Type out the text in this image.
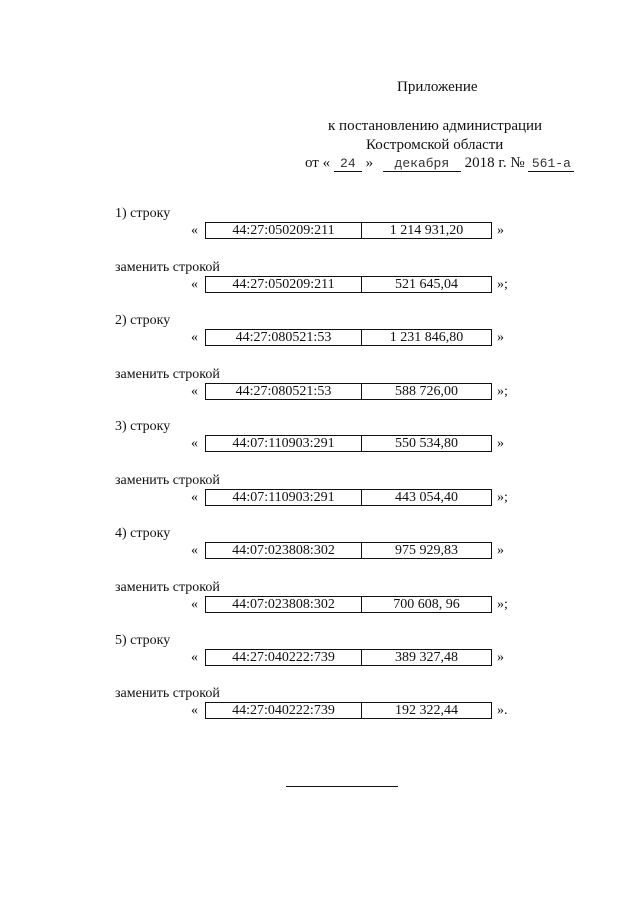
Приложение
к постановлению администрации
Костромской области
от « 24 » декабря 2018 г. № 561-а
1) строку
«	44:27:050209:211	1 214 931,20	»
заменить строкой
«	44:27:050209:211	521 645,04	»;
2) строку
«	44:27:080521:53	1 231 846,80	»
заменить строкой
«	44:27:080521:53	588 726,00	»;
3) строку
«	44:07:110903:291	550 534,80	»
заменить строкой
«	44:07:110903:291	443 054,40	»;
4) строку
«	44:07:023808:302	975 929,83	»
заменить строкой
«	44:07:023808:302	700 608, 96	»;
5) строку
«	44:27:040222:739	389 327,48	»
заменить строкой
«	44:27:040222:739	192 322,44	».
